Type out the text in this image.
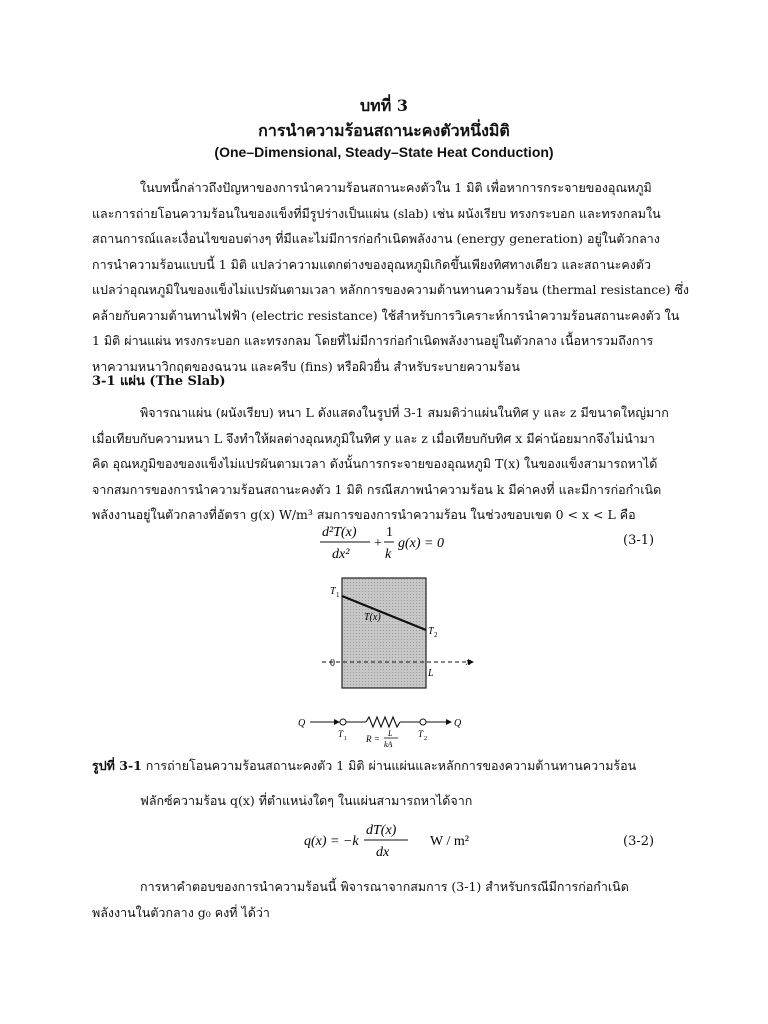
บทที่ 3
การนำความร้อนสถานะคงตัวหนึ่งมิติ
(One–Dimensional, Steady–State Heat Conduction)

ในบทนี้กล่าวถึงปัญหาของการนำความร้อนสถานะคงตัวใน 1 มิติ เพื่อหาการกระจายของอุณหภูมิ

และการถ่ายโอนความร้อนในของแข็งที่มีรูปร่างเป็นแผ่น (slab) เช่น ผนังเรียบ ทรงกระบอก และทรงกลมใน

สถานการณ์และเงื่อนไขขอบต่างๆ ที่มีและไม่มีการก่อกำเนิดพลังงาน (energy generation) อยู่ในตัวกลาง

การนำความร้อนแบบนี้ 1 มิติ แปลว่าความแตกต่างของอุณหภูมิเกิดขึ้นเพียงทิศทางเดียว และสถานะคงตัว

แปลว่าอุณหภูมิในของแข็งไม่แปรผันตามเวลา หลักการของความต้านทานความร้อน (thermal resistance) ซึ่ง

คล้ายกับความต้านทานไฟฟ้า (electric resistance) ใช้สำหรับการวิเคราะห์การนำความร้อนสถานะคงตัว ใน

1 มิติ ผ่านแผ่น ทรงกระบอก และทรงกลม โดยที่ไม่มีการก่อกำเนิดพลังงานอยู่ในตัวกลาง เนื้อหารวมถึงการ

หาความหนาวิกฤตของฉนวน และครีบ (fins) หรือผิวยื่น สำหรับระบายความร้อน

3-1 แผ่น (The Slab)

พิจารณาแผ่น (ผนังเรียบ) หนา L ดังแสดงในรูปที่ 3-1 สมมติว่าแผ่นในทิศ y และ z มีขนาดใหญ่มาก

เมื่อเทียบกับความหนา L จึงทำให้ผลต่างอุณหภูมิในทิศ y และ z เมื่อเทียบกับทิศ x มีค่าน้อยมากจึงไม่นำมา

คิด อุณหภูมิของของแข็งไม่แปรผันตามเวลา ดังนั้นการกระจายของอุณหภูมิ T(x) ในของแข็งสามารถหาได้

จากสมการของการนำความร้อนสถานะคงตัว 1 มิติ กรณีสภาพนำความร้อน k มีค่าคงที่ และมีการก่อกำเนิด

พลังงานอยู่ในตัวกลางที่อัตรา g(x) W/m³ สมการของการนำความร้อน ในช่วงขอบเขต 0 < x < L คือ

d²T(x)
dx²
+
1
k
g(x) = 0	(3-1)
T 1
T 2
T(x)
0	x
L
Q	Q
T 1	T 2
R =
L
kA
รูปที่ 3-1 การถ่ายโอนความร้อนสถานะคงตัว 1 มิติ ผ่านแผ่นและหลักการของความต้านทานความร้อน

ฟลักซ์ความร้อน q(x) ที่ตำแหน่งใดๆ ในแผ่นสามารถหาได้จาก

q(x) = −k
dT(x)
dx
W / m²	(3-2)

การหาคำตอบของการนำความร้อนนี้ พิจารณาจากสมการ (3-1) สำหรับกรณีมีการก่อกำเนิด

พลังงานในตัวกลาง g₀ คงที่ ได้ว่า
